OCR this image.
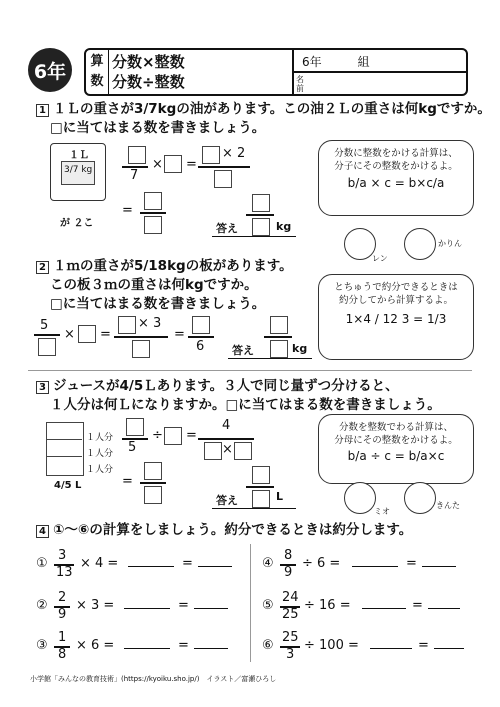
6年	算
数
分数×整数
分数÷整数
6年　　　組
名
前
1 １Ｌの重さが3/7kgの油があります。この油２Ｌの重さは何kgですか。
□に当てはまる数を書きましょう。
１Ｌ
3/7 kg
が ２こ
7
× =
× 2
=
答え	kg
分数に整数をかける計算は、
分子にその整数をかけるよ。
b/a × c = b×c/a
レン
かりん
2 １ｍの重さが5/18kgの板があります。
この板３ｍの重さは何kgですか。
□に当てはまる数を書きましょう。
5
× =
× 3
=
6	答え	kg
とちゅうで約分できるときは
約分してから計算するよ。
1×4 / 12 3 = 1/3
3 ジュースが4/5Ｌあります。３人で同じ量ずつ分けると、
１人分は何Ｌになりますか。□に当てはまる数を書きましょう。
１人分
１人分
１人分
4/5 L
5
÷ =
4
×
=
答え	L
分数を整数でわる計算は、
分母にその整数をかけるよ。
b/a ÷ c = b/a×c
ミオ
きんた
4 ①～⑥の計算をしましょう。約分できるときは約分します。
①
3
13
× 4 =	=
②
2
9
× 3 =	=
③
1
8
× 6 =	=
④
8
9
÷ 6 =	=
⑤
24
25
÷ 16 =	=
⑥
25
3
÷ 100 =	=
小学館「みんなの教育技術」(https://kyoiku.sho.jp/)　イラスト／富瀬ひろし
